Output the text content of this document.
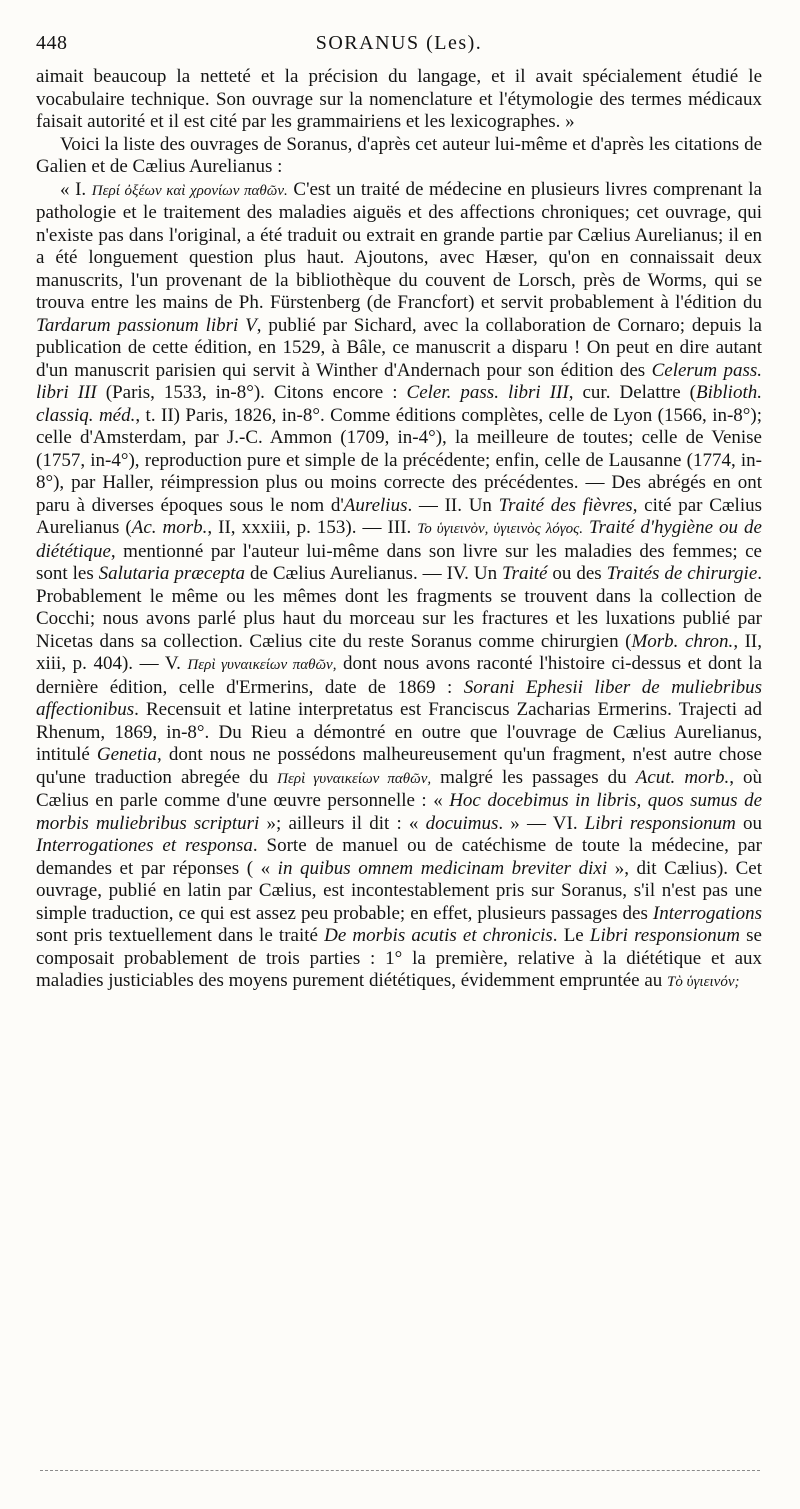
448	SORANUS (Les).

aimait beaucoup la netteté et la précision du langage, et il avait spécialement étudié le vocabulaire technique. Son ouvrage sur la nomenclature et l'étymologie des termes médicaux faisait autorité et il est cité par les grammairiens et les lexicographes. »

Voici la liste des ouvrages de Soranus, d'après cet auteur lui-même et d'après les citations de Galien et de Cælius Aurelianus :

« I. Περί ὀξέων καὶ χρονίων παθῶν. C'est un traité de médecine en plusieurs livres comprenant la pathologie et le traitement des maladies aiguës et des affections chroniques; cet ouvrage, qui n'existe pas dans l'original, a été traduit ou extrait en grande partie par Cælius Aurelianus; il en a été longuement question plus haut. Ajoutons, avec Hæser, qu'on en connaissait deux manuscrits, l'un provenant de la bibliothèque du couvent de Lorsch, près de Worms, qui se trouva entre les mains de Ph. Fürstenberg (de Francfort) et servit probablement à l'édition du Tardarum passionum libri V, publié par Sichard, avec la collaboration de Cornaro; depuis la publication de cette édition, en 1529, à Bâle, ce manuscrit a disparu ! On peut en dire autant d'un manuscrit parisien qui servit à Winther d'Andernach pour son édition des Celerum pass. libri III (Paris, 1533, in-8°). Citons encore : Celer. pass. libri III, cur. Delattre (Biblioth. classiq. méd., t. II) Paris, 1826, in-8°. Comme éditions complètes, celle de Lyon (1566, in-8°); celle d'Amsterdam, par J.-C. Ammon (1709, in-4°), la meilleure de toutes; celle de Venise (1757, in-4°), reproduction pure et simple de la précédente; enfin, celle de Lausanne (1774, in-8°), par Haller, réimpression plus ou moins correcte des précédentes. — Des abrégés en ont paru à diverses époques sous le nom d'Aurelius. — II. Un Traité des fièvres, cité par Cælius Aurelianus (Ac. morb., II, xxxiii, p. 153). — III. Το ὑγιεινὸν, ὑγιεινὸς λόγος. Traité d'hygiène ou de diététique, mentionné par l'auteur lui-même dans son livre sur les maladies des femmes; ce sont les Salutaria præcepta de Cælius Aurelianus. — IV. Un Traité ou des Traités de chirurgie. Probablement le même ou les mêmes dont les fragments se trouvent dans la collection de Cocchi; nous avons parlé plus haut du morceau sur les fractures et les luxations publié par Nicetas dans sa collection. Cælius cite du reste Soranus comme chirurgien (Morb. chron., II, xiii, p. 404). — V. Περὶ γυναικείων παθῶν, dont nous avons raconté l'histoire ci-dessus et dont la dernière édition, celle d'Ermerins, date de 1869 : Sorani Ephesii liber de muliebribus affectionibus. Recensuit et latine interpretatus est Franciscus Zacharias Ermerins. Trajecti ad Rhenum, 1869, in-8°. Du Rieu a démontré en outre que l'ouvrage de Cælius Aurelianus, intitulé Genetia, dont nous ne possédons malheureusement qu'un fragment, n'est autre chose qu'une traduction abregée du Περὶ γυναικείων παθῶν, malgré les passages du Acut. morb., où Cælius en parle comme d'une œuvre personnelle : « Hoc docebimus in libris, quos sumus de morbis muliebribus scripturi »; ailleurs il dit : « docuimus. » — VI. Libri responsionum ou Interrogationes et responsa. Sorte de manuel ou de catéchisme de toute la médecine, par demandes et par réponses ( « in quibus omnem medicinam breviter dixi », dit Cælius). Cet ouvrage, publié en latin par Cælius, est incontestablement pris sur Soranus, s'il n'est pas une simple traduction, ce qui est assez peu probable; en effet, plusieurs passages des Interrogations sont pris textuellement dans le traité De morbis acutis et chronicis. Le Libri responsionum se composait probablement de trois parties : 1° la première, relative à la diététique et aux maladies justiciables des moyens purement diététiques, évidemment empruntée au Τὸ ὑγιεινόν;
